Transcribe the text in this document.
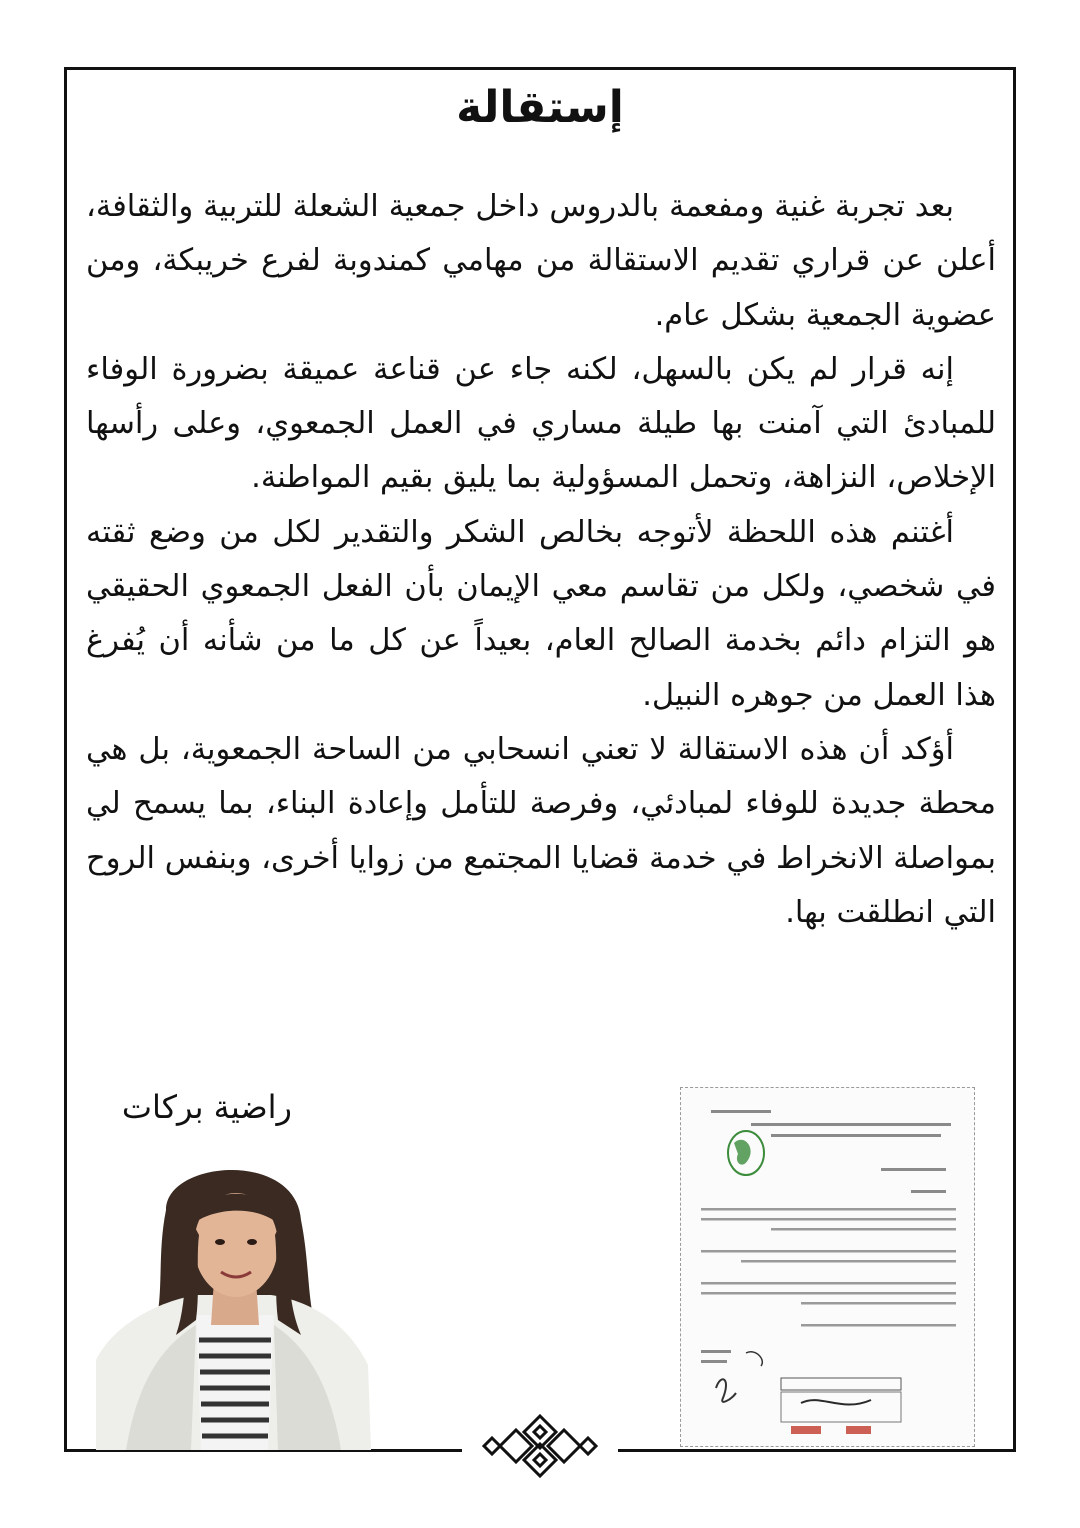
إستقالة

بعد تجربة غنية ومفعمة بالدروس داخل جمعية الشعلة للتربية والثقافة، أعلن عن قراري تقديم الاستقالة من مهامي كمندوبة لفرع خريبكة، ومن عضوية الجمعية بشكل عام.

إنه قرار لم يكن بالسهل، لكنه جاء عن قناعة عميقة بضرورة الوفاء للمبادئ التي آمنت بها طيلة مساري في العمل الجمعوي، وعلى رأسها الإخلاص، النزاهة، وتحمل المسؤولية بما يليق بقيم المواطنة.

أغتنم هذه اللحظة لأتوجه بخالص الشكر والتقدير لكل من وضع ثقته في شخصي، ولكل من تقاسم معي الإيمان بأن الفعل الجمعوي الحقيقي هو التزام دائم بخدمة الصالح العام، بعيداً عن كل ما من شأنه أن يُفرغ هذا العمل من جوهره النبيل.

أؤكد أن هذه الاستقالة لا تعني انسحابي من الساحة الجمعوية، بل هي محطة جديدة للوفاء لمبادئي، وفرصة للتأمل وإعادة البناء، بما يسمح لي بمواصلة الانخراط في خدمة قضايا المجتمع من زوايا أخرى، وبنفس الروح التي انطلقت بها.

راضية بركات
